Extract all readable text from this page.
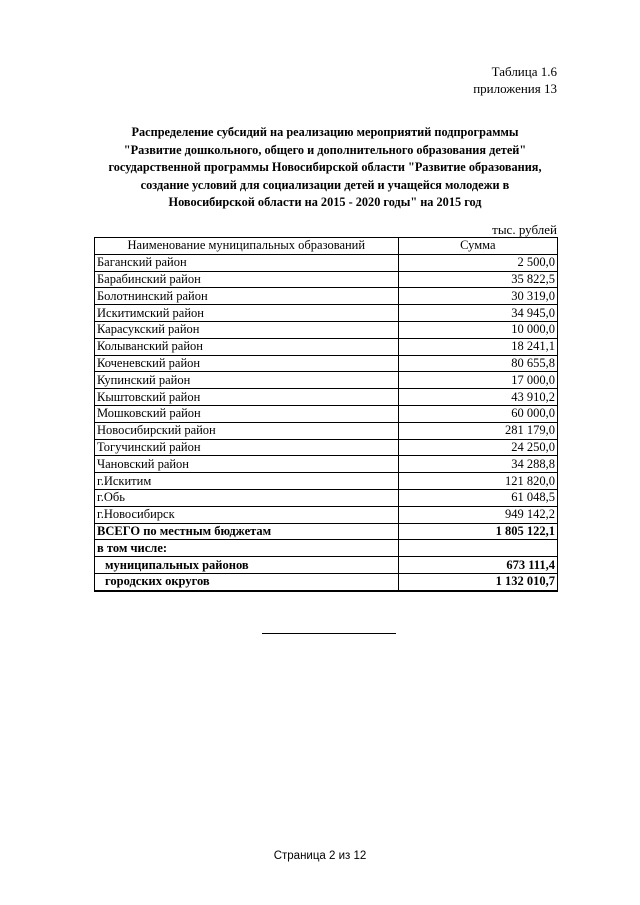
Таблица 1.6
приложения 13
Распределение субсидий на реализацию мероприятий подпрограммы
"Развитие дошкольного, общего и дополнительного образования детей"
государственной программы Новосибирской области "Развитие образования,
создание условий для социализации детей и учащейся молодежи в
Новосибирской области на 2015 - 2020 годы" на 2015 год
тыс. рублей
Наименование муниципальных образований	Сумма
Баганский район	2 500,0
Барабинский район	35 822,5
Болотнинский район	30 319,0
Искитимский район	34 945,0
Карасукский район	10 000,0
Колыванский район	18 241,1
Коченевский район	80 655,8
Купинский район	17 000,0
Кыштовский район	43 910,2
Мошковский район	60 000,0
Новосибирский район	281 179,0
Тогучинский район	24 250,0
Чановский район	34 288,8
г.Искитим	121 820,0
г.Обь	61 048,5
г.Новосибирск	949 142,2
ВСЕГО по местным бюджетам	1 805 122,1
в том числе:	
муниципальных районов	673 111,4
городских округов	1 132 010,7
Страница 2 из 12
